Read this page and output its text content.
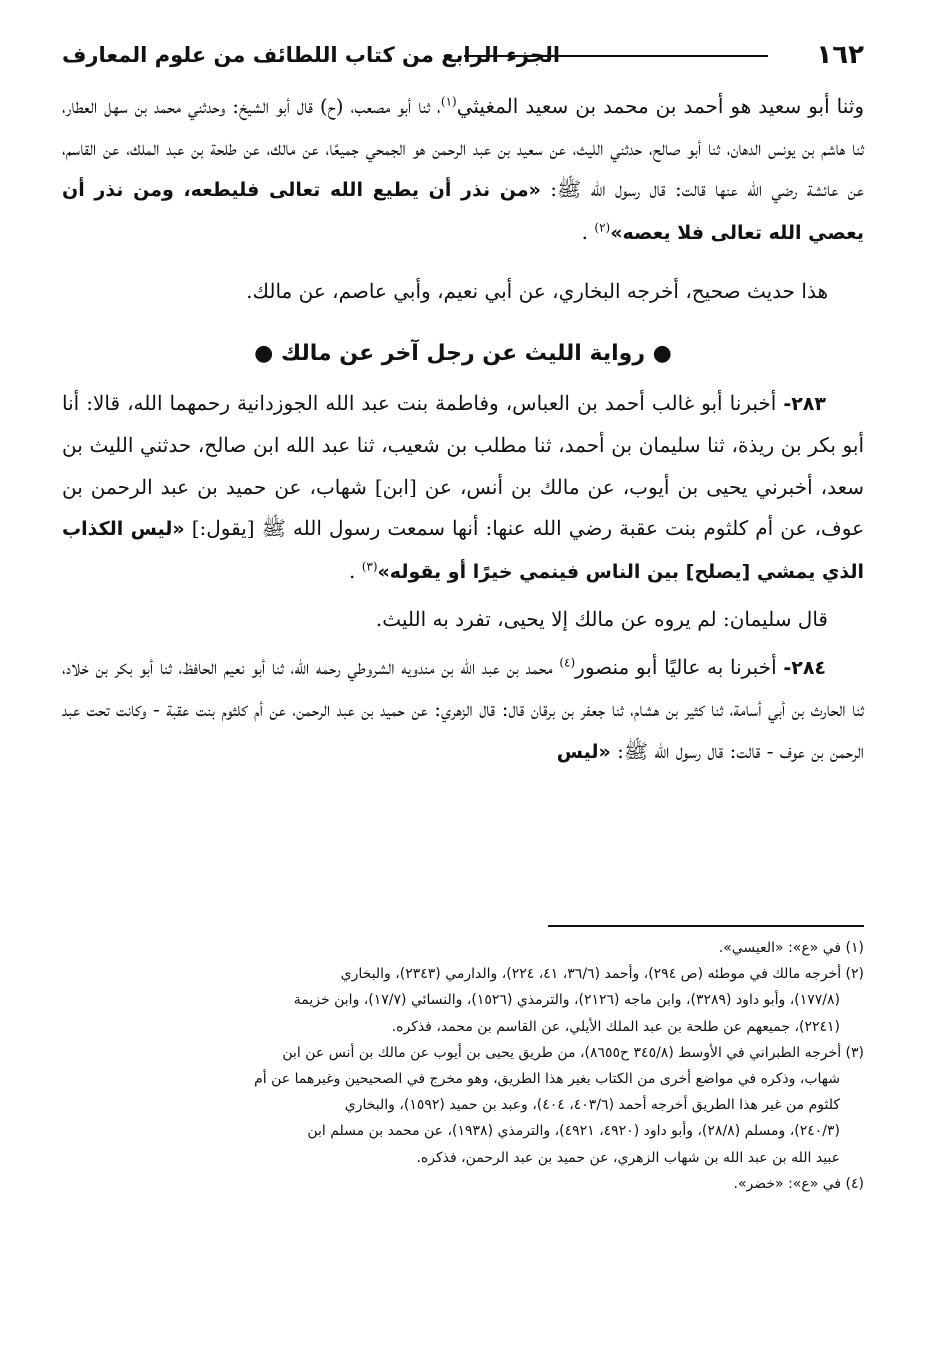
١٦٢
الجزء الرابع من كتاب اللطائف من علوم المعارف

وثنا أبو سعيد هو أحمد بن محمد بن سعيد المغيثي$^{(١)}$، ثنا أبو مصعب، (ح) قال أبو الشيخ: وحدثني محمد بن سهل العطار، ثنا هاشم بن يونس الدهان، ثنا أبو صالح، حدثني الليث، عن سعيد بن عبد الرحمن هو الجمحي جميعًا، عن مالك، عن طلحة بن عبد الملك، عن القاسم، عن عائشة رضي الله عنها قالت: قال رسول الله ﷺ: «من نذر أن يطيع الله تعالى فليطعه، ومن نذر أن يعصي الله تعالى فلا يعصه»$^{(٢)}$ .

هذا حديث صحيح، أخرجه البخاري، عن أبي نعيم، وأبي عاصم، عن مالك.

● رواية الليث عن رجل آخر عن مالك ●

٢٨٣- أخبرنا أبو غالب أحمد بن العباس، وفاطمة بنت عبد الله الجوزدانية رحمهما الله، قالا: أنا أبو بكر بن ريذة، ثنا سليمان بن أحمد، ثنا مطلب بن شعيب، ثنا عبد الله ابن صالح، حدثني الليث بن سعد، أخبرني يحيى بن أيوب، عن مالك بن أنس، عن [ابن] شهاب، عن حميد بن عبد الرحمن بن عوف، عن أم كلثوم بنت عقبة رضي الله عنها: أنها سمعت رسول الله ﷺ [يقول:] «ليس الكذاب الذي يمشي [يصلح] بين الناس فينمي خيرًا أو يقوله»$^{(٣)}$ .

قال سليمان: لم يروه عن مالك إلا يحيى، تفرد به الليث.

٢٨٤- أخبرنا به عاليًا أبو منصور$^{(٤)}$ محمد بن عبد الله بن مندويه الشروطي رحمه الله، ثنا أبو نعيم الحافظ، ثنا أبو بكر بن خلاد، ثنا الحارث بن أبي أسامة، ثنا كثير بن هشام، ثنا جعفر بن برقان قال: قال الزهري: عن حميد بن عبد الرحمن، عن أم كلثوم بنت عقبة - وكانت تحت عبد الرحمن بن عوف - قالت: قال رسول الله ﷺ: «ليس

(١) في «ع»: «العيسي».

(٢) أخرجه مالك في موطئه (ص ٢٩٤)، وأحمد (٣٦/٦، ٤١، ٢٢٤)، والدارمي (٢٣٤٣)، والبخاري

(١٧٧/٨)، وأبو داود (٣٢٨٩)، وابن ماجه (٢١٢٦)، والترمذي (١٥٢٦)، والنسائي (١٧/٧)، وابن خزيمة

(٢٢٤١)، جميعهم عن طلحة بن عبد الملك الأيلي، عن القاسم بن محمد، فذكره.

(٣) أخرجه الطبراني في الأوسط (٣٤٥/٨ ح٨٦٥٥)، من طريق يحيى بن أيوب عن مالك بن أنس عن ابن

شهاب، وذكره في مواضع أخرى من الكتاب بغير هذا الطريق، وهو مخرج في الصحيحين وغيرهما عن أم

كلثوم من غير هذا الطريق أخرجه أحمد (٤٠٣/٦، ٤٠٤)، وعبد بن حميد (١٥٩٢)، والبخاري

(٢٤٠/٣)، ومسلم (٢٨/٨)، وأبو داود (٤٩٢٠، ٤٩٢١)، والترمذي (١٩٣٨)، عن محمد بن مسلم ابن

عبيد الله بن عبد الله بن شهاب الزهري، عن حميد بن عبد الرحمن، فذكره.

(٤) في «ع»: «خضر».
